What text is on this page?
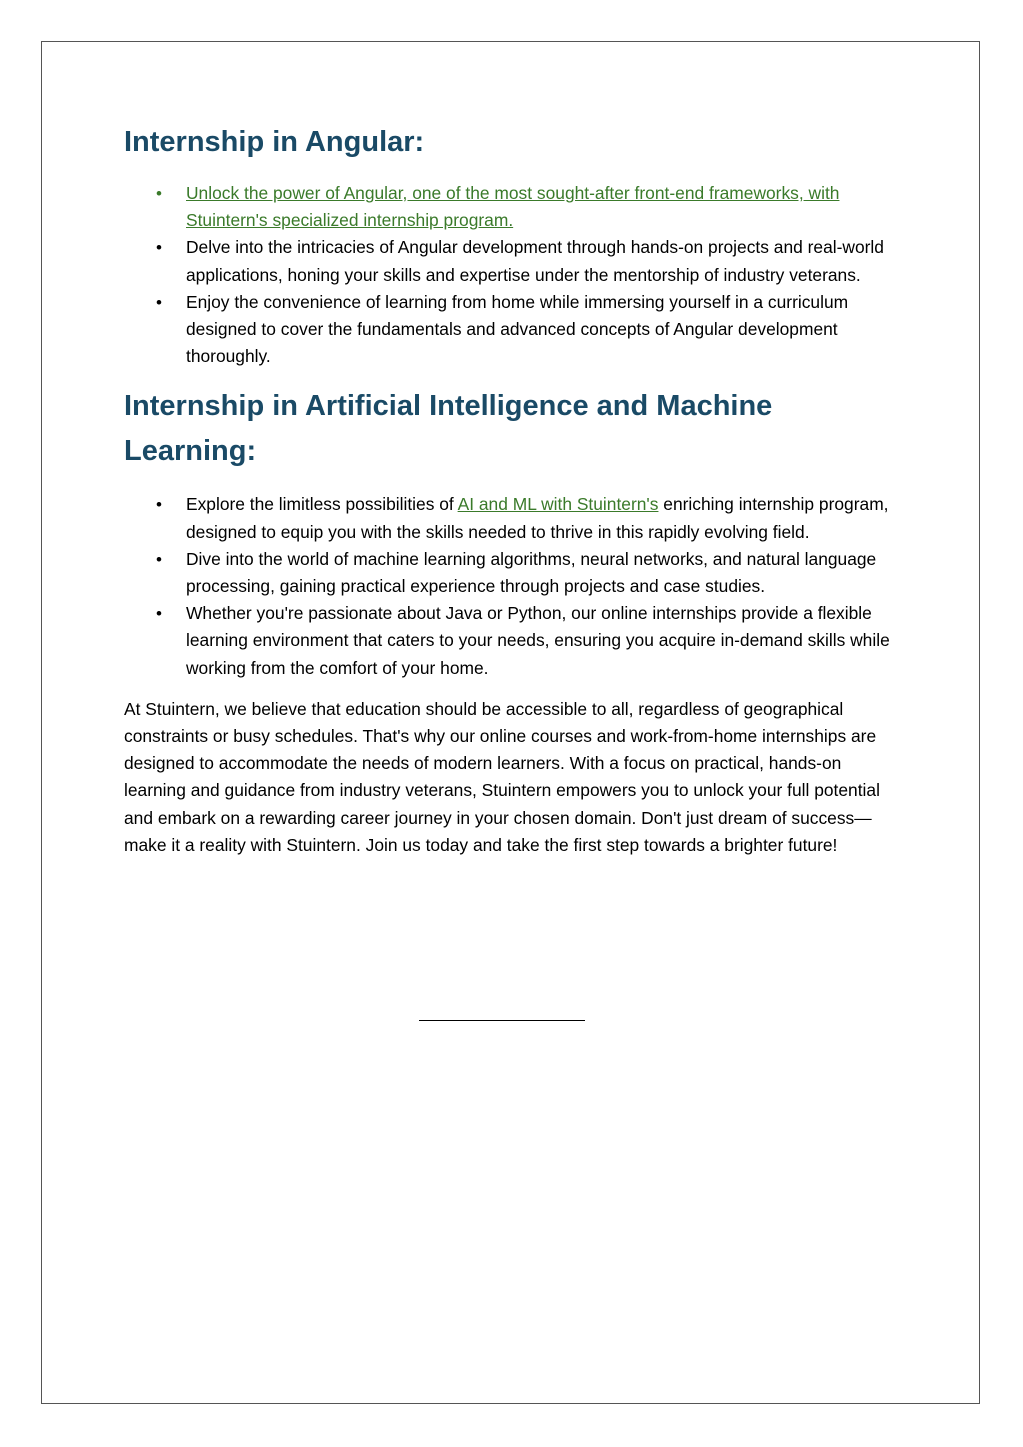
Internship in Angular:
•	Unlock the power of Angular, one of the most sought-after front-end frameworks, with Stuintern's specialized internship program.
•	Delve into the intricacies of Angular development through hands-on projects and real-world applications, honing your skills and expertise under the mentorship of industry veterans.
•	Enjoy the convenience of learning from home while immersing yourself in a curriculum designed to cover the fundamentals and advanced concepts of Angular development thoroughly.
Internship in Artificial Intelligence and Machine Learning:
•	Explore the limitless possibilities of AI and ML with Stuintern's enriching internship program, designed to equip you with the skills needed to thrive in this rapidly evolving field.
•	Dive into the world of machine learning algorithms, neural networks, and natural language processing, gaining practical experience through projects and case studies.
•	Whether you're passionate about Java or Python, our online internships provide a flexible learning environment that caters to your needs, ensuring you acquire in-demand skills while working from the comfort of your home.

At Stuintern, we believe that education should be accessible to all, regardless of geographical constraints or busy schedules. That's why our online courses and work-from-home internships are designed to accommodate the needs of modern learners. With a focus on practical, hands-on learning and guidance from industry veterans, Stuintern empowers you to unlock your full potential and embark on a rewarding career journey in your chosen domain. Don't just dream of success—make it a reality with Stuintern. Join us today and take the first step towards a brighter future!
